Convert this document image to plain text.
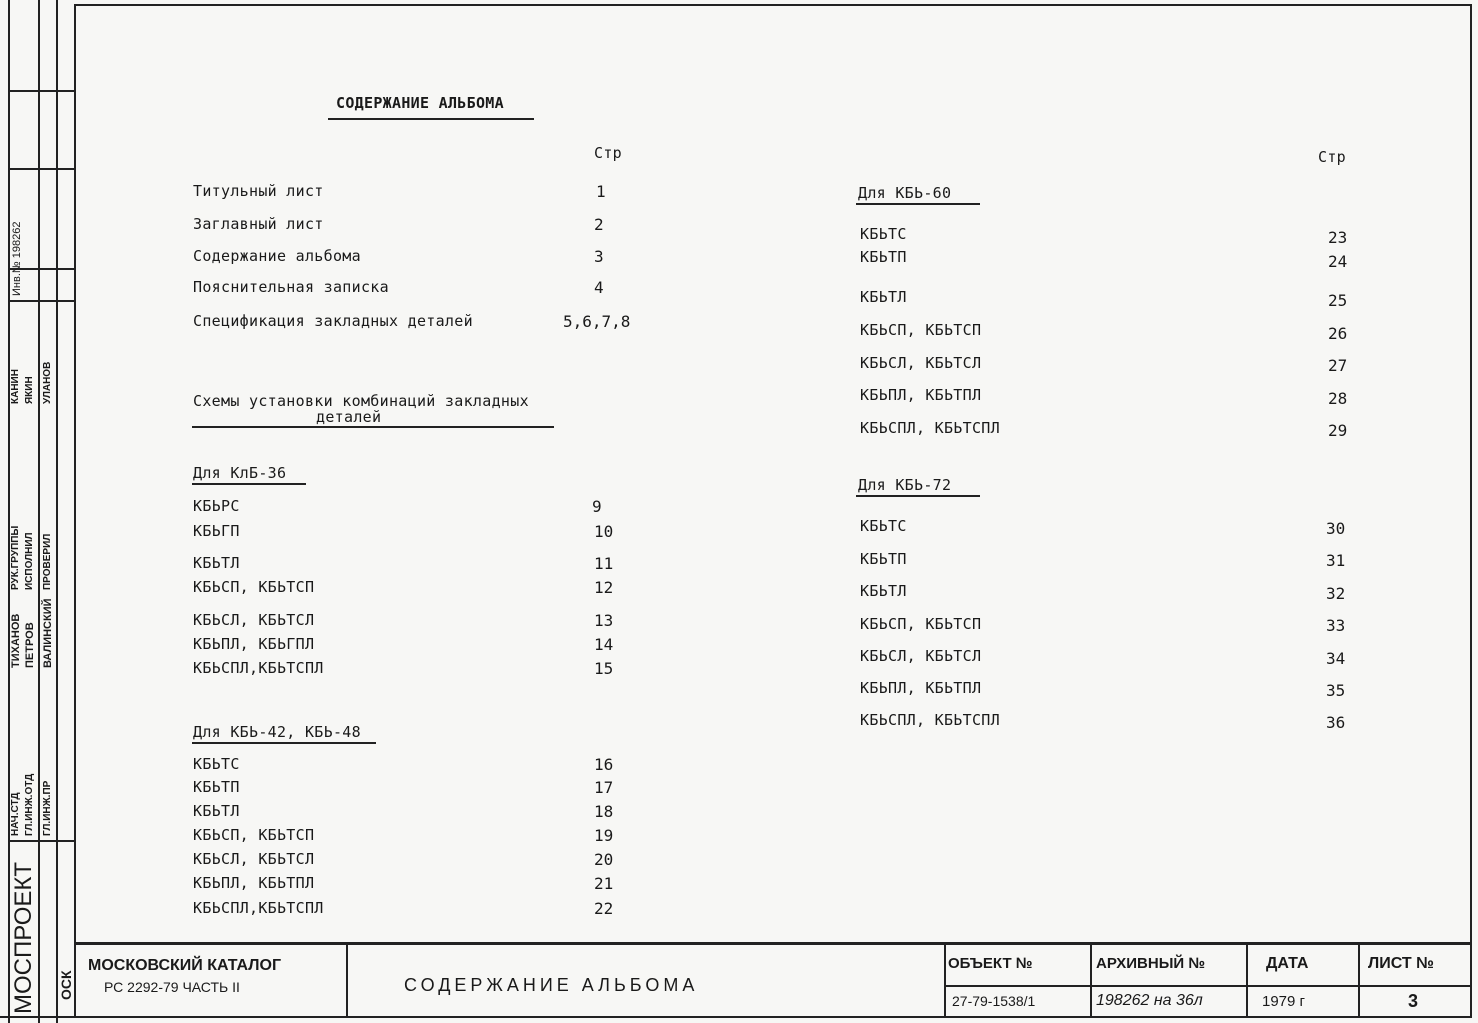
СОДЕРЖАНИЕ АЛЬБОМА
Стр	Стр
Титульный лист	1
Заглавный лист	2
Содержание альбома	3
Пояснительная записка	4
Спецификация закладных деталей	5,6,7,8
Схемы установки комбинаций закладных
деталей
Для КлБ-36
КБЬРС	9
КБЬГП	10
КБЬТЛ	11
КБЬСП, КБЬТСП	12
КБЬСЛ, КБЬТСЛ	13
КБЬПЛ, КБЬГПЛ	14
КБЬСПЛ,КБЬТСПЛ	15
Для КБЬ-42, КБЬ-48
КБЬТС	16
КБЬТП	17
КБЬТЛ	18
КБЬСП, КБЬТСП	19
КБЬСЛ, КБЬТСЛ	20
КБЬПЛ, КБЬТПЛ	21
КБЬСПЛ,КБЬТСПЛ	22
Для КБЬ-60
КБЬТС	23
КБЬТП	24
КБЬТЛ	25
КБЬСП, КБЬТСП	26
КБЬСЛ, КБЬТСЛ	27
КБЬПЛ, КБЬТПЛ	28
КБЬСПЛ, КБЬТСПЛ	29
Для КБЬ-72
КБЬТС	30
КБЬТП	31
КБЬТЛ	32
КБЬСП, КБЬТСП	33
КБЬСЛ, КБЬТСЛ	34
КБЬПЛ, КБЬТПЛ	35
КБЬСПЛ, КБЬТСПЛ	36
Инв.№ 198262
НАЧ.СТД ГЛ.ИНЖ.ОТД ГЛ.ИНЖ.ПР
РУК.ГРУППЫ ИСПОЛНИЛ ПРОВЕРИЛ
ТИХАНОВ ПЕТРОВ ВАЛИНСКИЙ
КАНИН ЯКИН УЛАНОВ
МОСПРОЕКТ ОСК
МОСКОВСКИЙ КАТАЛОГ
РС 2292-79 ЧАСТЬ II	СОДЕРЖАНИЕ АЛЬБОМА
ОБЪЕКТ №	АРХИВНЫЙ №	ДАТА	ЛИСТ №
27-79-1538/1	198262 на 36л	1979 г	3
